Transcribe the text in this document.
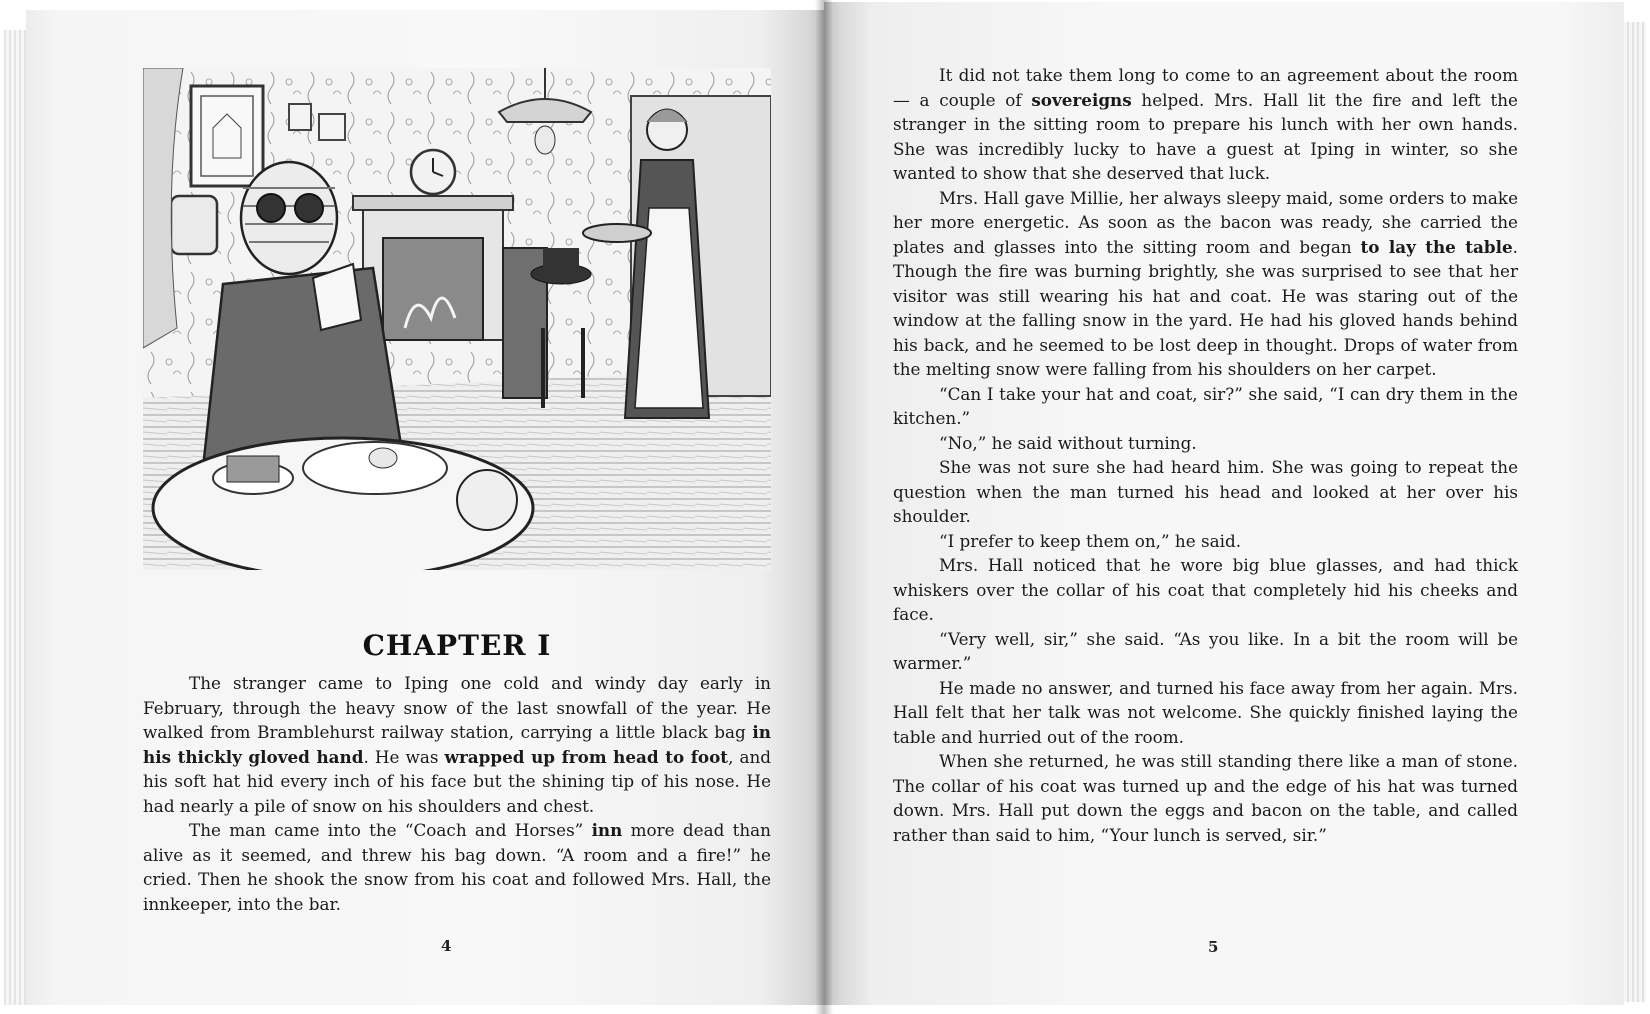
CHAPTER I

The stranger came to Iping one cold and windy day early in February, through the heavy snow of the last snowfall of the year. He walked from Bramblehurst railway station, carrying a little black bag in his thickly gloved hand. He was wrapped up from head to foot, and his soft hat hid every inch of his face but the shining tip of his nose. He had nearly a pile of snow on his shoulders and chest.

The man came into the “Coach and Horses” inn more dead than alive as it seemed, and threw his bag down. “A room and a fire!” he cried. Then he shook the snow from his coat and followed Mrs. Hall, the innkeeper, into the bar.

4

It did not take them long to come to an agreement about the room — a couple of sovereigns helped. Mrs. Hall lit the fire and left the stranger in the sitting room to prepare his lunch with her own hands. She was incredibly lucky to have a guest at Iping in winter, so she wanted to show that she deserved that luck.

Mrs. Hall gave Millie, her always sleepy maid, some orders to make her more energetic. As soon as the bacon was ready, she carried the plates and glasses into the sitting room and began to lay the table. Though the fire was burning brightly, she was surprised to see that her visitor was still wearing his hat and coat. He was staring out of the window at the falling snow in the yard. He had his gloved hands behind his back, and he seemed to be lost deep in thought. Drops of water from the melting snow were falling from his shoulders on her carpet.

“Can I take your hat and coat, sir?” she said, “I can dry them in the kitchen.”

“No,” he said without turning.

She was not sure she had heard him. She was going to repeat the question when the man turned his head and looked at her over his shoulder.

“I prefer to keep them on,” he said.

Mrs. Hall noticed that he wore big blue glasses, and had thick whiskers over the collar of his coat that completely hid his cheeks and face.

“Very well, sir,” she said. “As you like. In a bit the room will be warmer.”

He made no answer, and turned his face away from her again. Mrs. Hall felt that her talk was not welcome. She quickly finished laying the table and hurried out of the room.

When she returned, he was still standing there like a man of stone. The collar of his coat was turned up and the edge of his hat was turned down. Mrs. Hall put down the eggs and bacon on the table, and called rather than said to him, “Your lunch is served, sir.”

5
